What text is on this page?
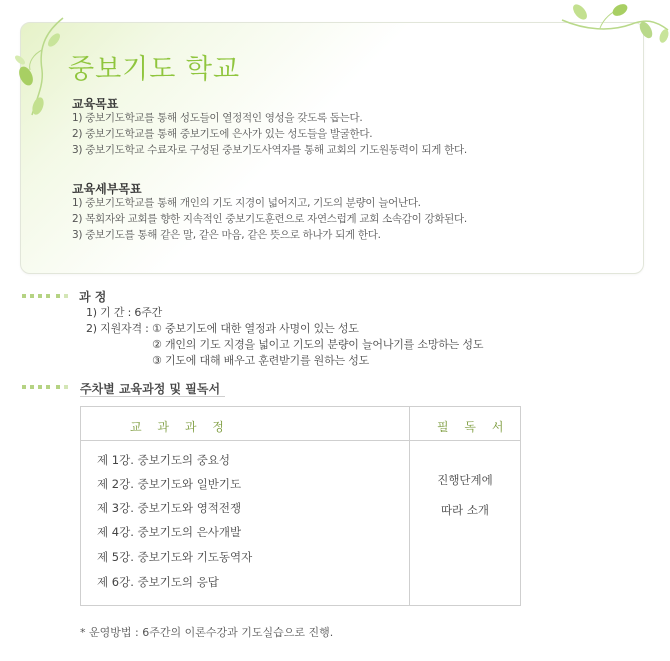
중보기도 학교
교육목표
1) 중보기도학교를 통해 성도들이 열정적인 영성을 갖도록 돕는다.
2) 중보기도학교를 통해 중보기도에 은사가 있는 성도들을 발굴한다.
3) 중보기도학교 수료자로 구성된 중보기도사역자를 통해 교회의 기도원동력이 되게 한다.
교육세부목표
1) 중보기도학교를 통해 개인의 기도 지경이 넓어지고, 기도의 분량이 늘어난다.
2) 목회자와 교회를 향한 지속적인 중보기도훈련으로 자연스럽게 교회 소속감이 강화된다.
3) 중보기도를 통해 같은 말, 같은 마음, 같은 뜻으로 하나가 되게 한다.
과 정
1) 기 간 : 6주간
2) 지원자격 : ① 중보기도에 대한 열정과 사명이 있는 성도
② 개인의 기도 지경을 넓이고 기도의 분량이 늘어나기를 소망하는 성도
③ 기도에 대해 배우고 훈련받기를 원하는 성도
주차별 교육과정 및 필독서
교 과 과 정	필 독 서
제 1강. 중보기도의 중요성
제 2강. 중보기도와 일반기도
제 3강. 중보기도와 영적전쟁
제 4강. 중보기도의 은사개발
제 5강. 중보기도와 기도동역자
제 6강. 중보기도의 응답
진행단계에
따라 소개
* 운영방법 : 6주간의 이론수강과 기도실습으로 진행.
